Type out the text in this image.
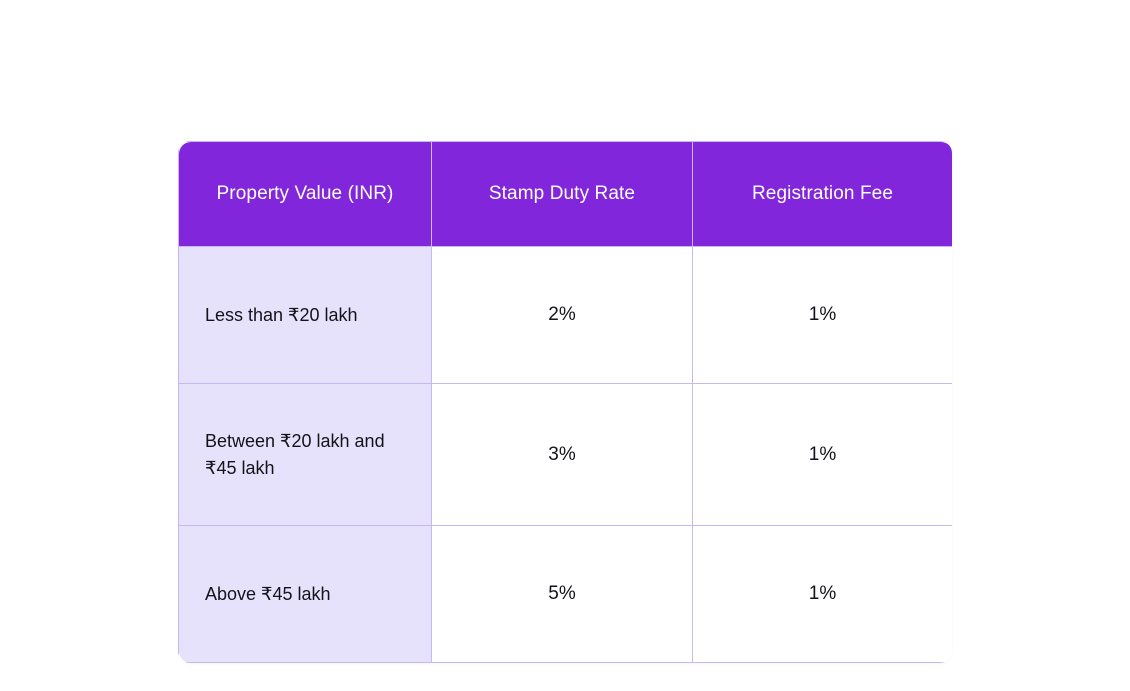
Property Value (INR)	Stamp Duty Rate	Registration Fee
Less than ₹20 lakh	2%	1%
Between ₹20 lakh and ₹45 lakh	3%	1%
Above ₹45 lakh	5%	1%
